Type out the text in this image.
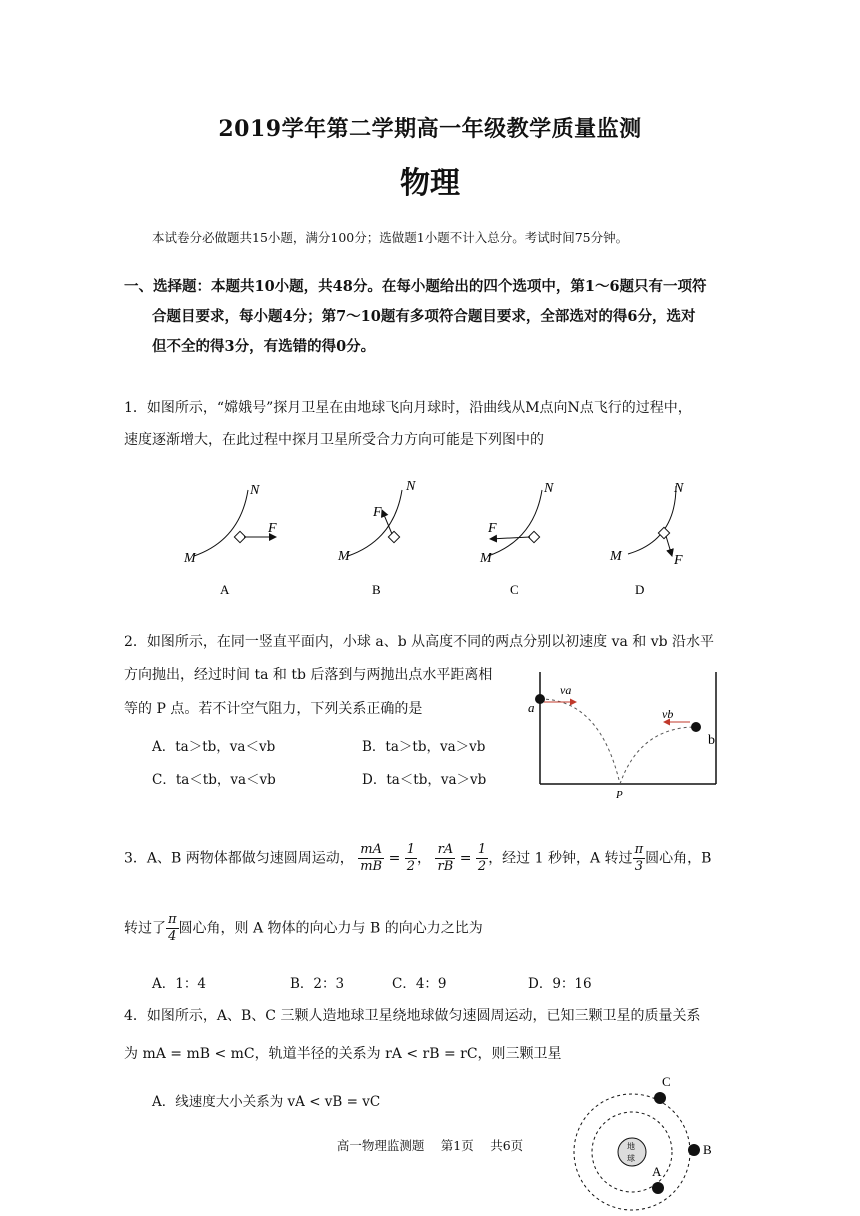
2019学年第二学期高一年级教学质量监测
物理
本试卷分必做题共15小题，满分100分；选做题1小题不计入总分。考试时间75分钟。
一、选择题：本题共10小题，共48分。在每小题给出的四个选项中，第1～6题只有一项符
合题目要求，每小题4分；第7～10题有多项符合题目要求，全部选对的得6分，选对
但不全的得3分，有选错的得0分。
1．如图所示，“嫦娥号”探月卫星在由地球飞向月球时，沿曲线从M点向N点飞行的过程中，
速度逐渐增大，在此过程中探月卫星所受合力方向可能是下列图中的
N
F
M
A
N
F
M
B
N
F
M
C
N
F
M
D
2．如图所示，在同一竖直平面内，小球 a、b 从高度不同的两点分别以初速度 va 和 vb 沿水平
方向抛出，经过时间 ta 和 tb 后落到与两抛出点水平距离相
等的 P 点。若不计空气阻力，下列关系正确的是
A．ta＞tb，va＜vb	B．ta＞tb，va＞vb
C．ta＜tb，va＜vb	D．ta＜tb，va＞vb
a
b
va
vb
P
3．A、B 两物体都做匀速圆周运动， $\frac{mA}{mB} = \frac{1}{2}$ ， $\frac{rA}{rB} = \frac{1}{2}$ ，经过 1 秒钟，A 转过 $\frac{\pi}{3}$ 圆心角，B
转过了 $\frac{\pi}{4}$ 圆心角，则 A 物体的向心力与 B 的向心力之比为
A．1：4	B．2：3	C．4：9	D．9：16
4．如图所示，A、B、C 三颗人造地球卫星绕地球做匀速圆周运动，已知三颗卫星的质量关系
为 mA = mB < mC，轨道半径的关系为 rA < rB = rC，则三颗卫星
A．线速度大小关系为 vA < vB = vC
地
球
C
B
A
高一物理监测题　 第1页 　共6页
